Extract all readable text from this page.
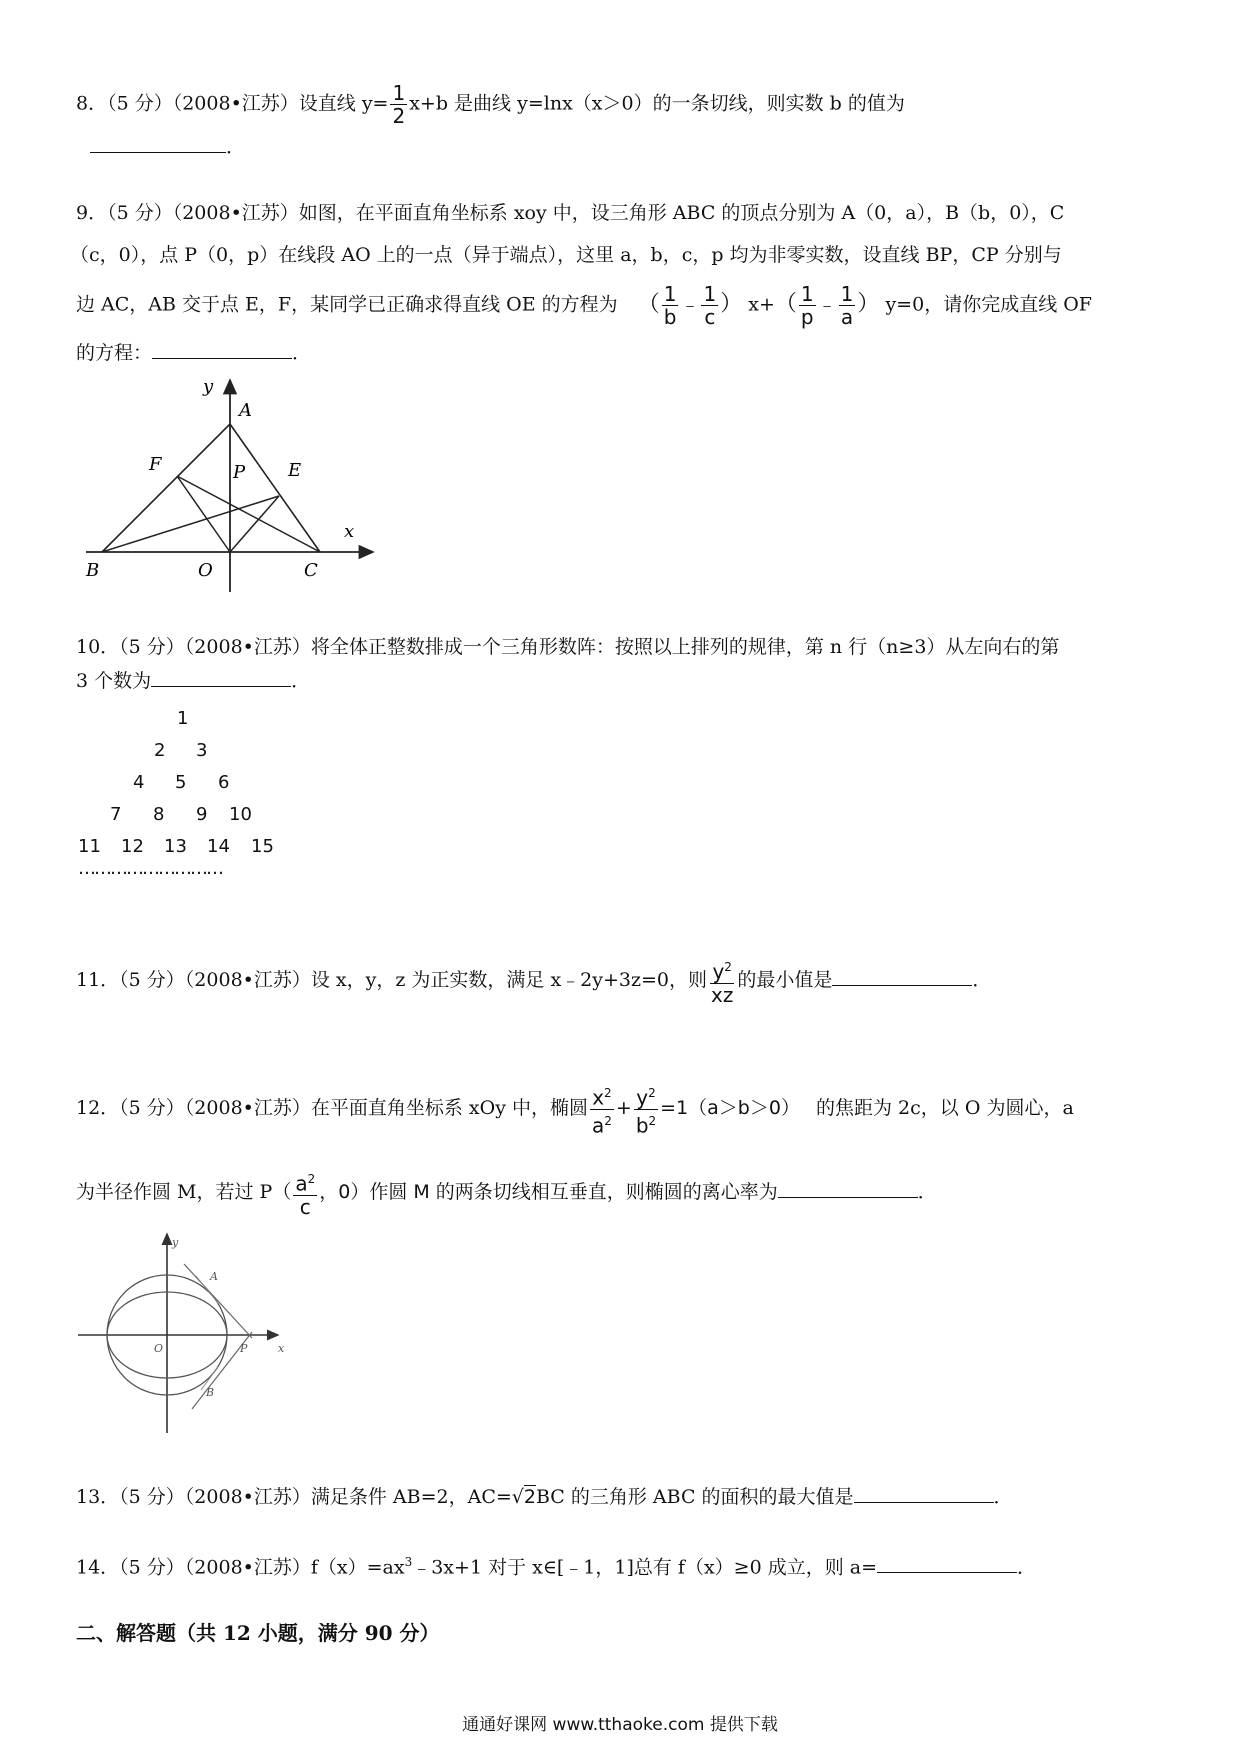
8．（5 分）（2008•江苏）设直线 $y= \frac{1}{2} x+b$ 是曲线 y=lnx（x＞0）的一条切线，则实数 b 的值为
．
9．（5 分）（2008•江苏）如图，在平面直角坐标系 xoy 中，设三角形 ABC 的顶点分别为 A（0，a），B（b，0），C
（c，0），点 P（0，p）在线段 AO 上的一点（异于端点），这里 a，b，c，p 均为非零实数，设直线 BP，CP 分别与
边 AC，AB 交于点 E，F，某同学已正确求得直线 OE 的方程为 （ $\frac{1}{b}$ ﹣ $\frac{1}{c}$ ） $x+( \frac{1}{p}$ ﹣ $\frac{1}{a}$ ） y=0，请你完成直线 OF
的方程：	．
y
A
F	P E
x
B	O	C
10．（5 分）（2008•江苏）将全体正整数排成一个三角形数阵：按照以上排列的规律，第 n 行（n≥3）从左向右的第
3 个数为	．
1
2 3
4 5 6
7 8 9 10
11 12 13 14 15
………………………
11．（5 分）（2008•江苏）设 x，y，z 为正实数，满足 x﹣2y+3z=0，则 $\frac{y^2}{xz}$ 的最小值是	．
12．（5 分）（2008•江苏）在平面直角坐标系 xOy 中，椭圆 $\frac{x^2}{a^2} + \frac{y^2}{b^2} =1(a>b>0)$ 的焦距为 2c，以 O 为圆心，a
为半径作圆 M，若过 $P( \frac{a^2}{c}$ ，0）作圆 M 的两条切线相互垂直，则椭圆的离心率为	．
y
A
O	x
P
B
13．（5 分）（2008•江苏）满足条件 AB=2，AC=√2BC 的三角形 ABC 的面积的最大值是	．
14．（5 分）（2008•江苏）$f(x)=ax^3﹣3x+1$ 对于 x∈[﹣1，1]总有 f（x）≥0 成立，则 a=	．
二、解答题（共 12 小题，满分 90 分）
通通好课网 www.tthaoke.com 提供下载
